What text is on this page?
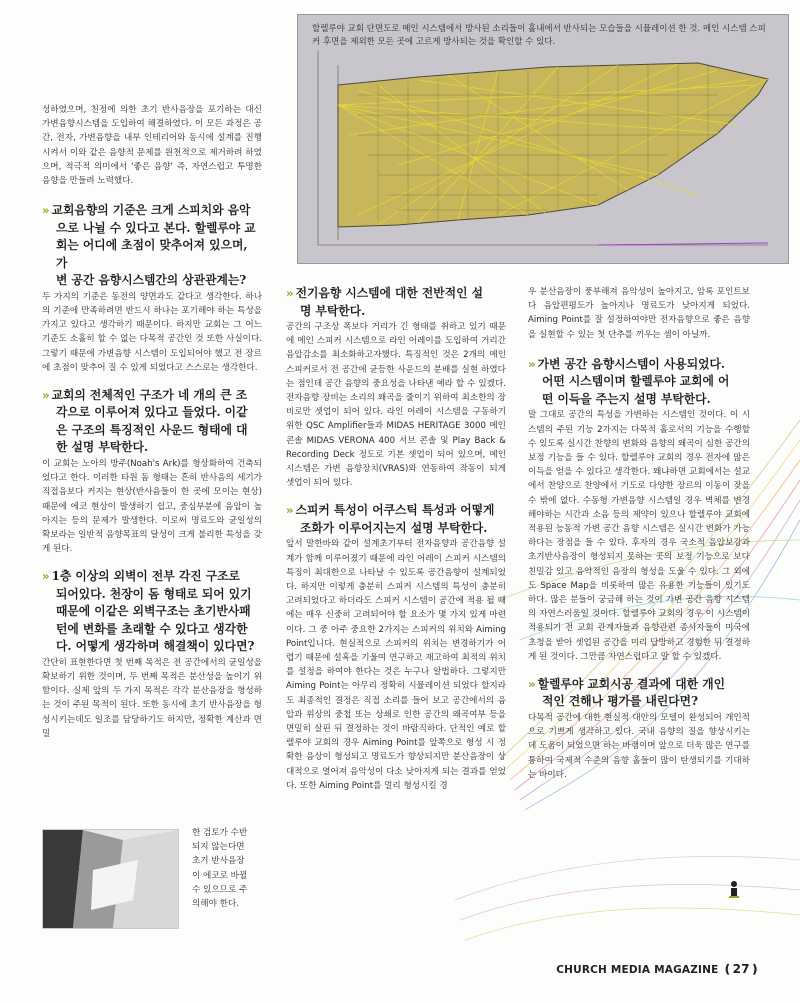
할렐루야 교회 단면도로 메인 시스템에서 방사된 소리들이 홀내에서 반사되는 모습들을 시뮬레이션 한 것. 메인 시스템 스피커 후면을 제외한 모든 곳에 고르게 방사되는 것을 확인할 수 있다.

성하였으며, 천정에 의한 초기 반사음장을 포기하는 대신 가변음향시스템을 도입하여 해결하였다. 이 모든 과정은 공간, 전자, 가변음향을 내부 인테리어와 동시에 설계를 진행시켜서 이와 같은 음향적 문제를 원천적으로 제거하려 하였으며, 적극적 의미에서 '좋은 음향' 즉, 자연스럽고 투명한 음향을 만들려 노력했다.

» 교회음향의 기준은 크게 스피치와 음악
으로 나뉠 수 있다고 본다. 할렐루야 교
회는 어디에 초점이 맞추어져 있으며, 가
변 공간 음향시스템간의 상관관계는?

두 가지의 기준은 동전의 양면과도 같다고 생각한다. 하나의 기준에 만족하려면 반드시 하나는 포기해야 하는 특성을 가지고 있다고 생각하기 때문이다. 하지만 교회는 그 어느 기준도 소홀히 할 수 없는 다목적 공간인 것 또한 사실이다. 그렇기 때문에 가변음향 시스템이 도입되어야 했고 전 장르에 초점이 맞추어 질 수 있게 되었다고 스스로는 생각한다.

» 교회의 전체적인 구조가 네 개의 큰 조
각으로 이루어져 있다고 들었다. 이같
은 구조의 특징적인 사운드 형태에 대
한 설명 부탁한다.

이 교회는 노아의 방주(Noah's Ark)를 형상화하여 건축되었다고 한다. 이러한 타원 돔 형태는 흔히 반사음의 세기가 직접음보다 커지는 현상(반사음들이 한 곳에 모이는 현상) 때문에 에코 현상이 발생하기 쉽고, 중심부분에 음압이 높아지는 등의 문제가 발생한다. 이로써 명료도와 균일성의 확보라는 일반적 음향목표의 달성이 크게 불리한 특성을 갖게 된다.

» 1층 이상의 외벽이 전부 각진 구조로
되어있다. 천장이 돔 형태로 되어 있기
때문에 이같은 외벽구조는 초기반사패
턴에 변화를 초래할 수 있다고 생각한
다. 어떻게 생각하며 해결책이 있다면?

간단히 표현한다면 첫 번째 목적은 전 공간에서의 균일성을 확보하기 위한 것이며, 두 번째 목적은 분산성을 높이기 위함이다. 실제 앞의 두 가지 목적은 각각 분산음장을 형성하는 것이 주된 목적이 된다. 또한 동시에 초기 반사음장을 형성시키는데도 일조를 담당하기도 하지만, 정확한 계산과 면밀

한 검토가 수반

되지 않는다면

초기 반사음장

이 에코로 바뀔

수 있으므로 주

의해야 한다.

» 전기음향 시스템에 대한 전반적인 설
명 부탁한다.

공간의 구조상 폭보다 거리가 긴 형태를 취하고 있기 때문에 메인 스피커 시스템으로 라인 어레이를 도입하여 거리간 음압감소를 최소화하고자했다. 특징적인 것은 2개의 메인 스피커로서 전 공간에 균등한 사운드의 분배를 실현 하였다는 점인데 공간 음향의 중요성을 나타낸 예라 할 수 있겠다. 전자음향 장비는 소리의 왜곡을 줄이기 위하여 최소한의 장비로만 셋업이 되어 있다. 라인 어레이 시스템을 구동하기 위한 QSC Amplifier들과 MIDAS HERITAGE 3000 메인 콘솔 MIDAS VERONA 400 서브 콘솔 및 Play Back & Recording Deck 정도로 기본 셋업이 되어 있으며, 메인 시스템은 가변 음향장치(VRAS)와 연동하여 작동이 되게 셋업이 되어 있다.

» 스피커 특성이 어쿠스틱 특성과 어떻게
조화가 이루어지는지 설명 부탁한다.

앞서 말한바와 같이 설계초기부터 전자음향과 공간음향 설계가 함께 이루어졌기 때문에 라인 어레이 스피커 시스템의 특징이 최대한으로 나타날 수 있도록 공간음향이 설계되었다. 하지만 이렇게 충분히 스피커 시스템의 특성이 충분히 고려되었다고 하더라도 스피커 시스템이 공간에 적용 될 때에는 매우 신중히 고려되어야 할 요소가 몇 가지 있게 마련이다. 그 중 아주 중요한 2가지는 스피커의 위치와 Aiming Point입니다. 현실적으로 스피커의 위치는 변경하기가 어렵기 때문에 설혹을 기울여 연구하고 재고하여 최적의 위치를 설정을 하여야 한다는 것은 누구나 알법하다. 그렇지만 Aiming Point는 아무리 정확히 시뮬레이션 되었다 할지라도 최종적인 결정은 직접 소리를 들어 보고 공간에서의 음압과 위상의 중첩 또는 상쇄로 인한 공간의 왜곡여부 등을 면밀히 살핀 뒤 결정하는 것이 바람직하다. 단적인 예로 할렐루야 교회의 경우 Aiming Point를 앞쪽으로 형성 시 정확한 음상이 형성되고 명료도가 향상되지만 분산음장이 상대적으로 열어져 음악성이 다소 낮아지게 되는 결과를 얻었다. 또한 Aiming Point를 멀리 형성시킬 경

우 분산음장이 풍부해져 음악성이 높아지고, 암록 포인트보다 음압편평도가 높아지나 명료도가 낮아지게 되었다. Aiming Point를 잘 설정하여야만 전자음향으로 좋은 음향을 실현할 수 있는 첫 단추를 끼우는 셈이 아닐까.

» 가변 공간 음향시스템이 사용되었다.
어떤 시스템이며 할렐루야 교회에 어
떤 이득을 주는지 설명 부탁한다.

말 그대로 공간의 특성을 가변하는 시스템인 것이다. 이 시스템의 주된 기능 2가지는 다목적 홀로서의 기능을 수행할 수 있도록 실시간 찬향의 변화와 음향의 왜곡이 심한 공간의 보정 기능을 들 수 있다. 할렐루야 교회의 경우 전자에 많은 이득을 얻을 수 있다고 생각한다. 왜냐하면 교회에서는 설교에서 찬양으로 찬양에서 기도로 다양한 장르의 이동이 잦을 수 밖에 없다. 수동형 가변음향 시스템일 경우 벽체를 변경해야하는 시간과 소음 등의 제약이 있으나 할렐루야 교회에 적용된 능동적 가변 공간 음향 시스템은 실시간 변화가 가능하다는 장점을 들 수 있다. 후자의 경우 국소적 음압보강과 초기반사음장이 형성되지 못하는 곳의 보정 기능으로 보다 친밀감 있고 음악적인 음장의 형성을 도울 수 있다. 그 외에도 Space Map을 비롯하여 많은 유용한 기능들이 있기도 하다. 많은 분들이 궁금해 하는 것이 가변 공간 음향 시스템의 자연스러움일 것이다. 할렐루야 교회의 경우 이 시스템이 적용되기 전 교회 관계자들과 음향관련 종사자들이 미국에 초청을 받아 셋업된 공간을 미리 답방하고 경험한 뒤 결정하게 된 것이다. 그만큼 자연스럽다고 말 할 수 있겠다.

» 할렐루야 교회시공 결과에 대한 개인
적인 견해나 평가를 내린다면?

다목적 공간에 대한 현실적 대안의 모델이 완성되어 개인적으로 기쁘게 생각하고 있다. 국내 음향의 질을 향상시키는 데 도움이 되었으면 하는 바램이며 앞으로 더욱 많은 연구를 통하여 국제적 수준의 음향 홀들이 많이 탄생되기를 기대하는 바이다.

CHURCH MEDIA MAGAZINE ❪27❫
